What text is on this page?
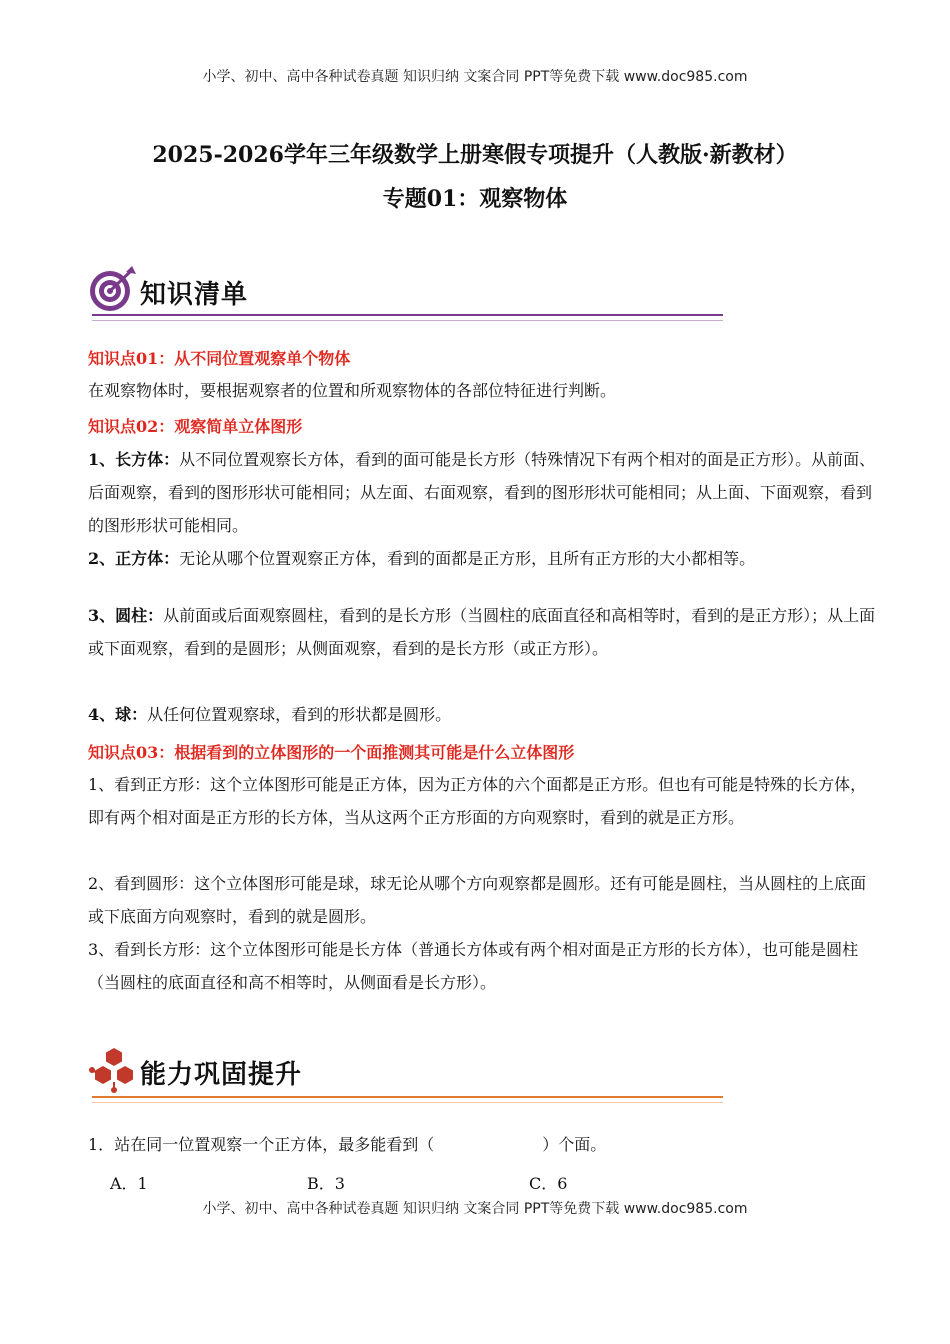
小学、初中、高中各种试卷真题 知识归纳 文案合同 PPT等免费下载 www.doc985.com
2025-2026学年三年级数学上册寒假专项提升（人教版·新教材）
专题01：观察物体
知识清单
知识点01：从不同位置观察单个物体
在观察物体时，要根据观察者的位置和所观察物体的各部位特征进行判断。
知识点02：观察简单立体图形
1、长方体：从不同位置观察长方体，看到的面可能是长方形（特殊情况下有两个相对的面是正方形）。从前面、后面观察，看到的图形形状可能相同；从左面、右面观察，看到的图形形状可能相同；从上面、下面观察，看到的图形形状可能相同。
2、正方体：无论从哪个位置观察正方体，看到的面都是正方形，且所有正方形的大小都相等。
3、圆柱：从前面或后面观察圆柱，看到的是长方形（当圆柱的底面直径和高相等时，看到的是正方形）；从上面或下面观察，看到的是圆形；从侧面观察，看到的是长方形（或正方形）。
4、球：从任何位置观察球，看到的形状都是圆形。
知识点03：根据看到的立体图形的一个面推测其可能是什么立体图形
1、看到正方形：这个立体图形可能是正方体，因为正方体的六个面都是正方形。但也有可能是特殊的长方体，即有两个相对面是正方形的长方体，当从这两个正方形面的方向观察时，看到的就是正方形。
2、看到圆形：这个立体图形可能是球，球无论从哪个方向观察都是圆形。还有可能是圆柱，当从圆柱的上底面或下底面方向观察时，看到的就是圆形。
3、看到长方形：这个立体图形可能是长方体（普通长方体或有两个相对面是正方形的长方体），也可能是圆柱（当圆柱的底面直径和高不相等时，从侧面看是长方形）。
能力巩固提升
1．站在同一位置观察一个正方体，最多能看到（	）个面。
A．1	B．3	C．6
小学、初中、高中各种试卷真题 知识归纳 文案合同 PPT等免费下载 www.doc985.com
